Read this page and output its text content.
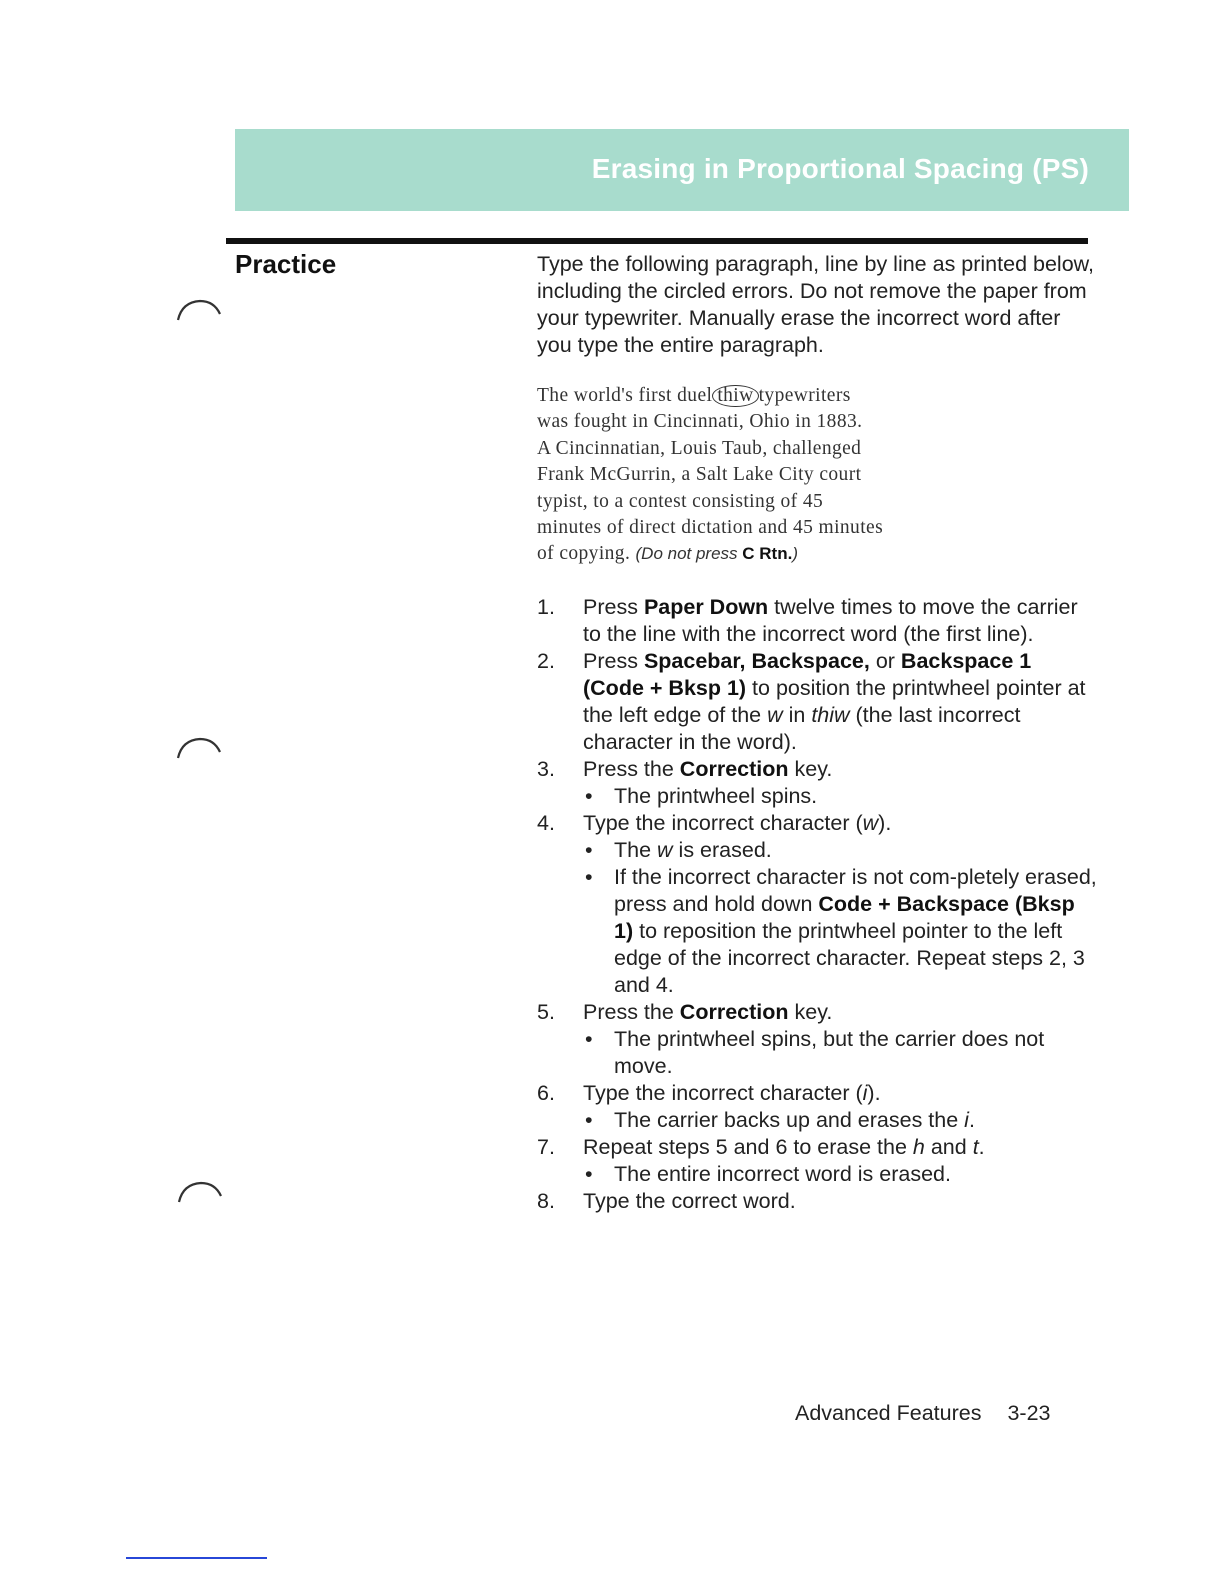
Erasing in Proportional Spacing (PS)
Practice	Type the following paragraph, line by line as printed below, including the circled errors. Do not remove the paper from your typewriter. Manually erase the incorrect word after you type the entire paragraph.

The world's first duel thiw typewriters
was fought in Cincinnati, Ohio in 1883.
A Cincinnatian, Louis Taub, challenged
Frank McGurrin, a Salt Lake City court
typist, to a contest consisting of 45
minutes of direct dictation and 45 minutes
of copying. (Do not press C Rtn.)
1. Press Paper Down twelve times to move the carrier to the line with the incorrect word (the first line).
2. Press Spacebar, Backspace, or Backspace 1 (Code + Bksp 1) to position the printwheel pointer at the left edge of the w in thiw (the last incorrect character in the word).
3. Press the Correction key.
• The printwheel spins.
4. Type the incorrect character (w).
• The w is erased.
• If the incorrect character is not com-pletely erased, press and hold down Code + Backspace (Bksp 1) to reposition the printwheel pointer to the left edge of the incorrect character. Repeat steps 2, 3 and 4.
5. Press the Correction key.
• The printwheel spins, but the carrier does not move.
6. Type the incorrect character (i).
• The carrier backs up and erases the i.
7. Repeat steps 5 and 6 to erase the h and t.
• The entire incorrect word is erased.
8. Type the correct word.
Advanced Features 3-23
